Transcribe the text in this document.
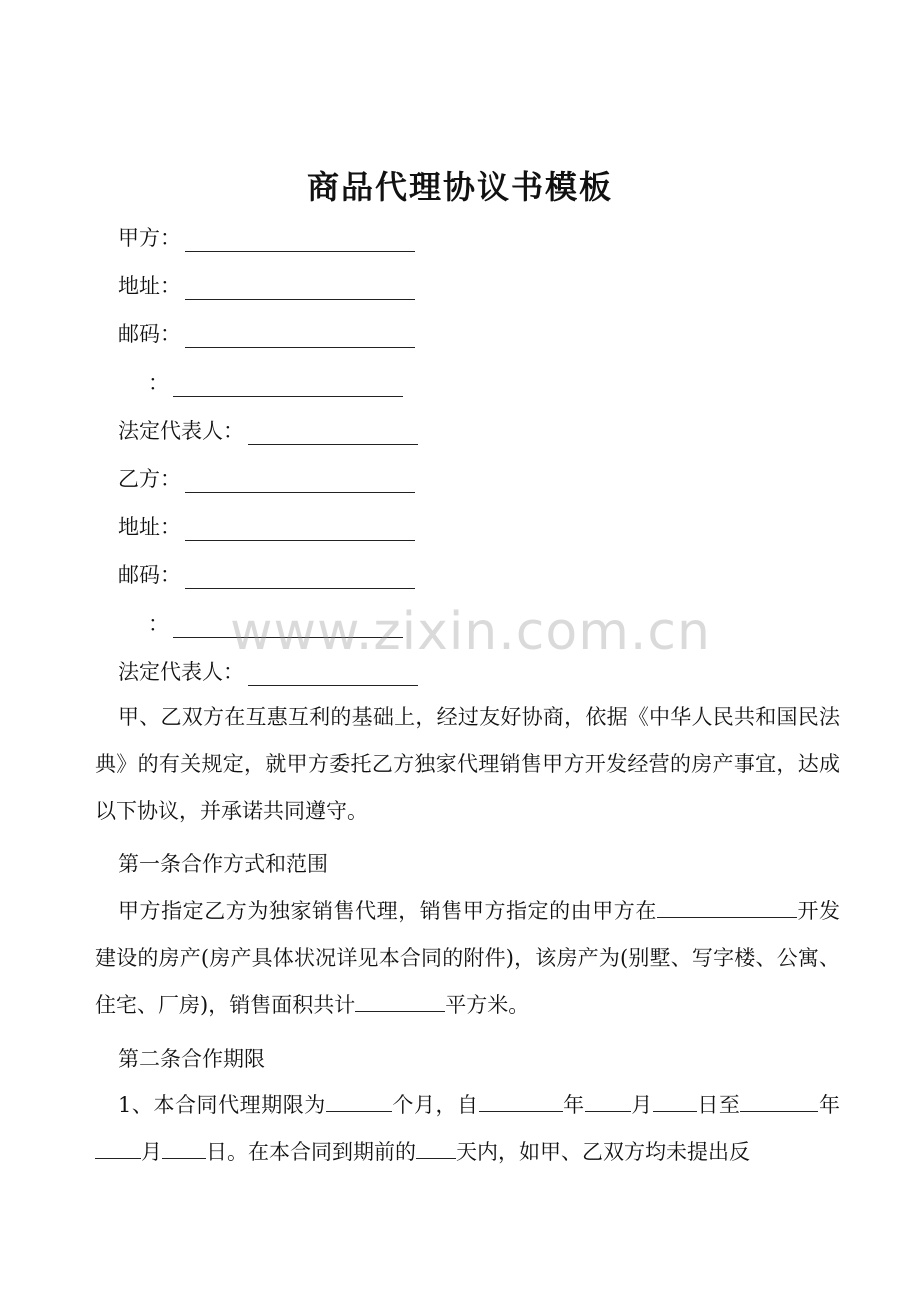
商品代理协议书模板
甲方：
地址：
邮码：
：
法定代表人：
乙方：
地址：
邮码：
：
法定代表人：
www.zixin.com.cn
甲、乙双方在互惠互利的基础上，经过友好协商，依据《中华人民共和国民法典》的有关规定，就甲方委托乙方独家代理销售甲方开发经营的房产事宜，达成以下协议，并承诺共同遵守。
第一条合作方式和范围
甲方指定乙方为独家销售代理，销售甲方指定的由甲方在	开发建设的房产(房产具体状况详见本合同的附件)，该房产为(别墅、写字楼、公寓、住宅、厂房)，销售面积共计	平方米。
第二条合作期限
1、本合同代理期限为	个月，自	年 月 日至	年月 日。在本合同到期前的 天内，如甲、乙双方均未提出反
